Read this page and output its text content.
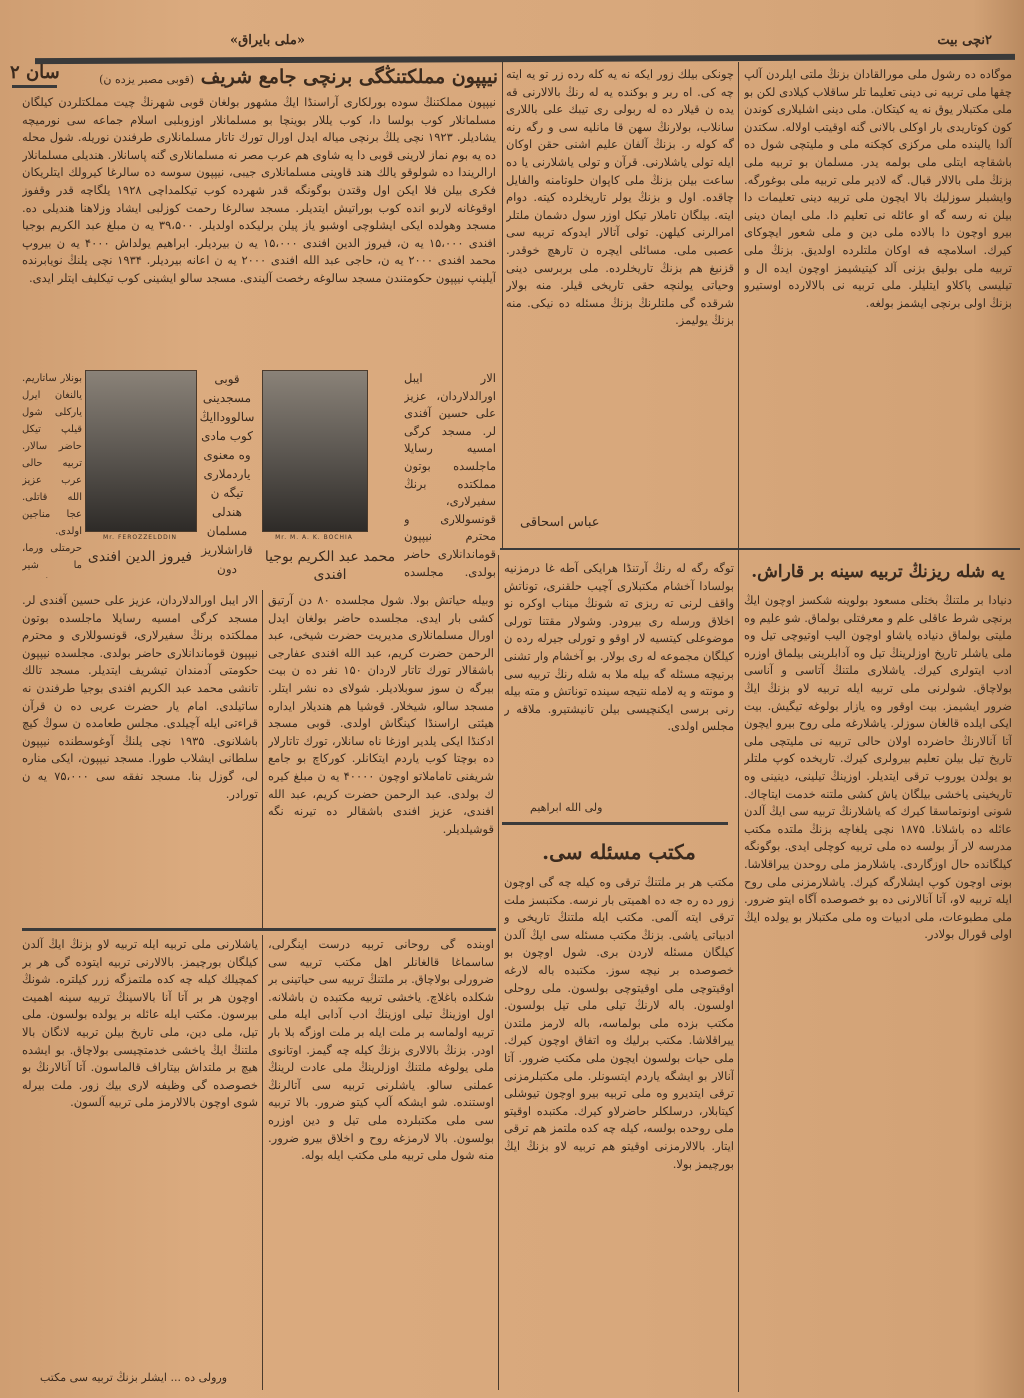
٢نچی بیت
«ملی بایراق»
سان ٢	نیپپون مملکتنڭگی برنچی جامع شریف (قوبی مصبر یزده ن)

نیپپون مملکتنڭ سوده بورلکاری آراسنڈا ایڭ مشهور بولغان قوبی شهرنڭ چیت مملکتلردن کیلگان مسلمانلار کوب بولسا دا، کوب یللار بوینچا بو مسلمانلار اوزوبلبی اسلام جماعه سی نورمیچه یشادیلر. ۱۹۲۳ نچی یلڭ برنچی میاله ایدل اورال تورك تاتار مسلمانلاری طرفندن نوریله. شول محله ده یه بوم نماز لارینی قوبی دا یه شاوی هم عرب مصر نه مسلمانلاری گنه پاسانلار. هندیلی مسلمانلار ارالریندا ده شولوقو یالك هند قاوینی مسلمانلاری جیبی، نیپپون سوسه ده سالرغا کیرولك ایتلریکان فکری بیلن فلا ایکن اول وقتدن بوگونگه قدر شهرده کوب تیکلمداچی ۱۹۲۸ یلگاچه قدر وقفوز اوقوغانه لاربو انده کوب بوراتیش ایتدیلر. مسجد سالرغا رحمت کوزلبی ایشاد وزلاهنا هندیلی ده. مسجد وهولده ایکی ایشلوچی اوشبو یاز پیلن برلیکده اولدیلر. ۳۹،۵۰۰ یه ن مبلغ عبد الکریم بوجیا افندی ۱۵،۰۰۰ یه ن، فیروز الدین افندی ۱۵،۰۰۰ یه ن بیردیلر. ابراهیم یولداش ۴۰۰۰ یه ن بیروپ محمد افندی ۲۰۰۰ یه ن، حاجی عبد الله افندی ۲۰۰۰ یه ن اعانه بیردیلر. ۱۹۳۴ نچی یلنڭ نویابرنده آیلینپ نیپپون حکومتندن مسجد سالوغه رخصت آلیندی. مسجد سالو ایشینی کوب تیکلیف ایتلر ایدی.

بونلار ساتاریم. یالنغان ایرل یارکلی شول قیلپ تیکل حاضر سالار. تربیه حالی عرب عزیز الله قاتلی. عجا مناجین اولدی. حرمتلی ورما، ما شیر

Mr. FEROZZELDDIN
قوبی مسجدینی سالووداایڭ کوب مادی وه معنوی یاردملاری تیگه ن هندلی مسلمان قاراشلاریز دون
Mr. M. A. K. BOCHIA

الار ایبل اورالدلاردان، عزیز علی حسین آفندی لر. مسجد کرگی امسیه رسایلا ماجلسده بوتون مملکتده برنڭ سفیرلاری، قونسوللاری و محترم نیپپون قوماندانلاری حاضر بولدی. مجلسده

فیروز الدین افندی	محمد عبد الکریم بوجیا افندی

الار ایبل اورالدلاردان، عزیز علی حسین آفندی لر. مسجد کرگی امسیه رسایلا ماجلسده بوتون مملکتده برنڭ سفیرلاری، قونسوللاری و محترم نیپپون قوماندانلاری حاضر بولدی. مجلسده نیپپون حکومتی آدمندان تیشریف ایتدیلر. مسجد تالك تانشی محمد عبد الکریم افندی بوجیا طرفندن نه ساتیلدی. امام یار حضرت عربی ده ن قرآن قراءتی ایله آچیلدی. مجلس طعامده ن سوڭ کیچ باشلانوی. ۱۹۳۵ نچی یلنڭ آوغوسطنده نیپپون سلطانی ایشلاب طورا. مسجد نیپپون، ایکی مناره لی، گوزل بنا. مسجد نفقه سی ۷۵،۰۰۰ یه ن تورادر.

وبیله حیاتش بولا. شول مجلسده ۸۰ دن آرتیق کشی بار ایدی. مجلسده حاضر بولغان ایدل اورال مسلمانلاری مدیریت حضرت شیخی، عبد الرحمن حضرت کریم، عبد الله افندی عفارجی باشقالار تورك تاتار لاردان ۱۵۰ نفر ده ن بیت بیرگه ن سوز سوبلادیلر. شولای ده نشر ایتلر. مسجد سالو، شیخلار. قوشیا هم هندیلار ایداره هیئتی اراسنڈا کینگاش اولدی. قوبی مسجد ادکنڈا ایکی یلدیر اوزغا ناه سانلار، تورك تاتارلار ده بوچتا کوب یاردم ایتکانلر. کورکاچ بو جامع شریفنی تاماملاتو اوچون ۴۰۰۰۰ یه ن مبلغ کیره ك بولدی. عبد الرحمن حضرت کریم، عبد الله افندی، عزیز افندی باشقالر ده تیرنه نگه قوشیلدیلر.

اوبنده گی روحانی تربیه درست اینگرلی، ساسماغا قالغانلر اهل مکتب تربیه سی ضرورلی بولاچاق. بر ملتنڭ تربیه سی حیاتینی بر شکلده باغلاچ. یاخشی تربیه مکتبده ن باشلانه. اول اوزینڭ تیلی اوزینڭ ادب آدابی ایله ملی تربیه اولماسه بر ملت ایله بر ملت اوزگه بلا بار اودر. بزنڭ بالالاری بزنڭ کیله چه گیمز. اوتانوی ملی یولوغه ملتنڭ اوزلرینڭ ملی عادت لرینڭ عملنی سالو. یاشلرنی تربیه سی آتالرنڭ اوستنده. شو ایشکه آلپ کیتو ضرور. بالا تربیه سی ملی مکتبلرده ملی تیل و دین اوزره بولسون. بالا لارمزغه روح و اخلاق بیرو ضرور. منه شول ملی تربیه ملی مکتب ایله بوله.

یاشلارنی ملی تربیه ایله تربیه لاو بزنڭ ایڭ آلدن کیلگان بورچیمز. بالالارنی تربیه ایتوده گی هر بر کمچیلك کیله چه کده ملتمزگه زرر کیلتره. شونڭ اوچون هر بر آتا آنا بالاسینڭ تربیه سینه اهمیت بیرسون. مکتب ایله عائله بر یولده بولسون. ملی تیل، ملی دین، ملی تاریخ بیلن تربیه لانگان بالا ملتنڭ ایڭ یاخشی خدمتچیسی بولاچاق. بو ایشده هیچ بر ملتداش بیتاراف قالماسون. آتا آنالارنڭ بو خصوصده گی وظیفه لاری بیك زور. ملت بیرله شوی اوچون بالالارمز ملی تربیه آلسون.

ورولی ده ... ایشلر بزنڭ تربیه سی مکتب

چونکی بیلك زور ایکه نه یه کله رده زر تو یه ایته چه کی. اه ربر و بوکنده یه له رنڭ بالالارنی قه یده ن قیلار ده له ربولی ری تیبك علی باللاری سانلاب، بولارنڭ سهن قا مانلیه سی و رگه رنه گه کوله ر. بزنڭ آلفان علیم اشنی حقن اوکان ایله تولی یاشلارنی. قرآن و تولی یاشلارنی یا ده ساعت بیلن بزنڭ ملی کاپوان حلوتامنه والفایل چاقده. اول و بزنڭ یولر تاریخلرده کیته. دوام ایته. بیلگان تاملار تیکل اوزر سول دشمان ملتلر امرالرنی کیلهن. تولی آتالار ایدوكه تربیه سی عصبی ملی. مسائلی ایچره ن تارهچ خوقدر. قزنیغ هم بزنڭ تاریخلرده. ملی بربرسی دینی وحیاتی یولنچه حقی تاریخی قیلر. منه بولار شرقده گی ملتلرنڭ بزنڭ مسئله ده نیکی. منه بزنڭ یولیمز.

عباس اسحاقی

موگاده ده رشول ملی مورالقادان بزنڭ ملتی ایلردن آلپ چقها ملی تربیه نی دینی تعلیما تلر ساقلاب کیلادی لکن بو ملی مکتبلار یوق نه یه کیتکان. ملی دینی اشلیلاری کوندن کون کوتاریدی بار اوکلی بالانی گنه اوقیتب اولاله. سکتدن آلدا یالینده ملی مرکزی کچکنه ملی و ملیتچی شول ده باشقاچه ایتلی ملی بولمه یدر. مسلمان بو تربیه ملی بزنڭ ملی بالالار قبال. گه لادیر ملی تربیه ملی بوغورگه. وایشبلر سوزلیك بالا ایچون ملی تربیه دینی تعلیمات دا بیلن نه رسه گه او عائله نی تعلیم دا. ملی ایمان دینی بیرو اوچون دا بالاده ملی دین و ملی شعور ایچوكای کیرك. اسلامچه فه اوکان ملتلرده اولدیق. بزنڭ ملی تربیه ملی بولیق بزنی آلد کیتیشیمز اوچون ایده ال و تیلیسی پاکلاو ایتلیلر. ملی تربیه نی بالالارده اوستیرو بزنڭ اولی برنچی ایشمز بولغه.

یه شله ریزنڭ تربیه سینه بر قاراش.

دنیادا بر ملتنڭ بختلی مسعود بولوینه شکسز اوچون ایڭ برنچی شرط عاقلی علم و معرفتلی بولماق. شو علیم وه ملیتی بولماق دنیاده یاشاو اوچون الیب اوتیوچی تیل وه ملی یاشلر تاریخ اوزلرینڭ تیل وه آدابلرینی بیلماق اوزره ادب ایتولری کیرك. یاشلاری ملتنڭ آتاسی و آناسی بولاچاق. شولرنی ملی تربیه ایله تربیه لاو بزنڭ ایڭ ضرور ایشیمز. بیت اوقور وه یازار بولوغه تیگیش. بیت ایکی ایلده قالغان سوزلر. یاشلارغه ملی روح بیرو ایچون آتا آنالارنڭ حاضرده اولان حالی تربیه نی ملیتچی ملی تاریخ تیل بیلن تعلیم بیرولری کیرك. تاریخده کوپ ملتلر بو یولدن یوروب ترقی ایتدیلر. اوزینڭ تیلینی، دینینی وه تاریخینی یاخشی بیلگان یاش کشی ملتنه خدمت ایتاچاك. شونی اونوتماسقا کیرك که یاشلارنڭ تربیه سی ایڭ آلدن عائله ده باشلانا. ۱۸۷۵ نچی یلغاچه بزنڭ ملتده مکتب مدرسه لار آز بولسه ده ملی تربیه کوچلی ایدی. بوگونگه کیلگانده حال اوزگاردی. یاشلارمز ملی روحدن ییراقلاشا. بونی اوچون کوپ ایشلارگه کیرك. یاشلارمزنی ملی روح ایله تربیه لاو، آتا آنالارنی ده بو خصوصده آگاه ایتو ضرور. ملی مطبوعات، ملی ادبیات وه ملی مکتبلار بو یولده ایڭ اولی قورال بولادر.

توگه رگه له رنڭ آرتنڈا هرایکی آطه غا درمزنیه بولسادا آخشام مکتبلاری آچیب حلقنری، توناتش واقف لرنی ته ربزی ته شونڭ میناب اوکره نو اخلاق ورسله ری بیرودر. وشولار مقتنا تورلی موضوعلی کیتسیه لار اوقو و تورلی جیرله رده ن کیلگان مجموعه له ری بولار. بو آخشام وار تشنی برنیچه مسئله گه بیله ملا به شله رنڭ تربیه سی و مونته و یه لامله نتیجه سینده توناتش و مته بیله رنی برسی ایکنچیسی بیلن تانیشتیرو. ملاقه ر مجلس اولدی.

ولی الله ابراهیم
مکتب مسئله سی.

مکتب هر بر ملتنڭ ترقی وه کیله چه گی اوچون زور ده ره جه ده اهمیتی بار نرسه. مکتبسز ملت ترقی ایته آلمی. مکتب ایله ملتنڭ تاریخی و ادبیاتی یاشی. بزنڭ مکتب مسئله سی ایڭ آلدن کیلگان مسئله لاردن بری. شول اوچون بو خصوصده بر نیچه سوز. مکتبده باله لارغه اوقیتوچی ملی اوقیتوچی بولسون. ملی روحلی اولسون. باله لارنڭ تیلی ملی تیل بولسون. مکتب بزده ملی بولماسه، باله لارمز ملتدن ییراقلاشا. مکتب برلیك وه اتفاق اوچون کیرك. ملی حیات بولسون ایچون ملی مکتب ضرور. آتا آنالار بو ایشگه یاردم ایتسونلر. ملی مکتبلرمزنی ترقی ایتدیرو وه ملی تربیه بیرو اوچون تیوشلی کیتابلار، درسلکلر حاضرلاو کیرك. مکتبده اوقیتو ملی روحده بولسه، کیله چه کده ملتمز هم ترقی ایتار. بالالارمزنی اوقیتو هم تربیه لاو بزنڭ ایڭ بورچیمز بولا.
